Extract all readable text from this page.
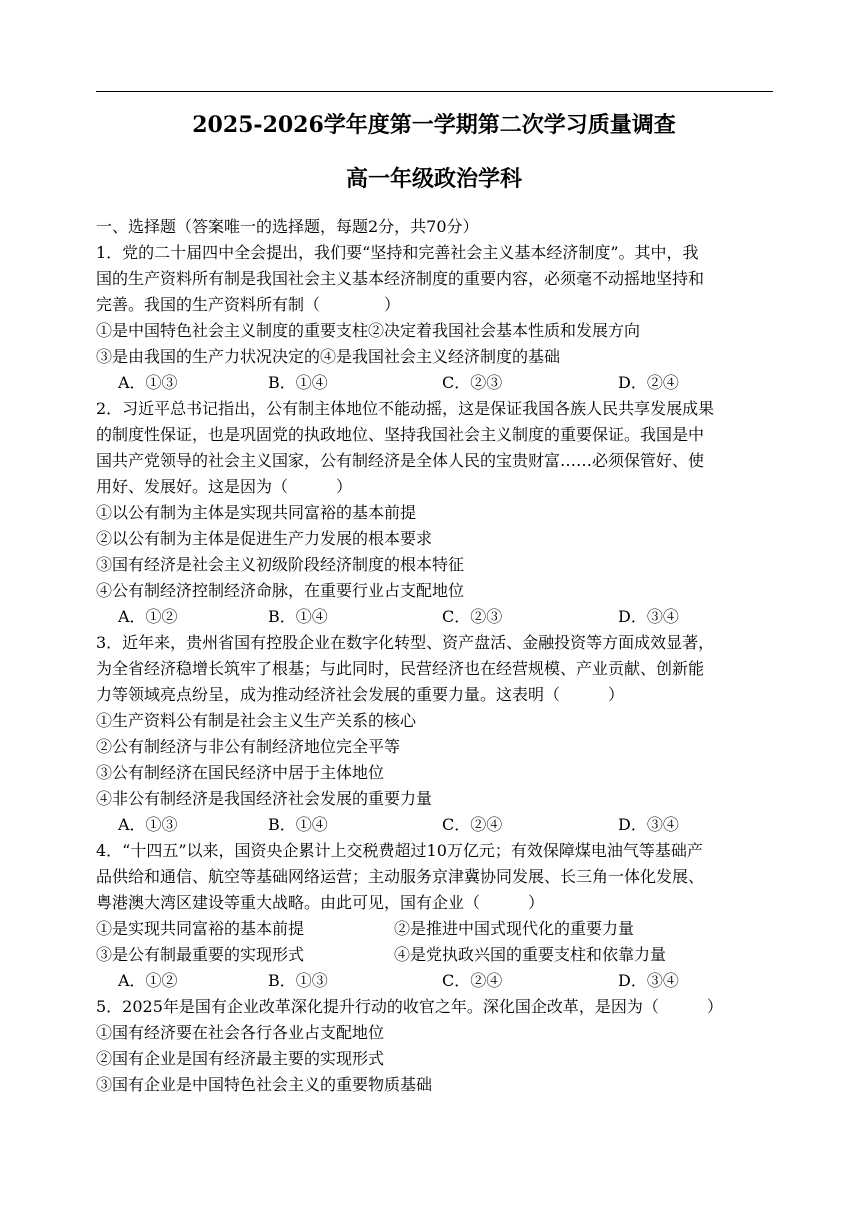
2025-2026学年度第一学期第二次学习质量调查
高一年级政治学科
一、选择题（答案唯一的选择题，每题2分，共70分）
1．党的二十届四中全会提出，我们要“坚持和完善社会主义基本经济制度”。其中，我
国的生产资料所有制是我国社会主义基本经济制度的重要内容，必须毫不动摇地坚持和
完善。我国的生产资料所有制（　　　　）
①是中国特色社会主义制度的重要支柱②决定着我国社会基本性质和发展方向
③是由我国的生产力状况决定的④是我国社会主义经济制度的基础
A．①③	B．①④	C．②③	D．②④
2．习近平总书记指出，公有制主体地位不能动摇，这是保证我国各族人民共享发展成果
的制度性保证，也是巩固党的执政地位、坚持我国社会主义制度的重要保证。我国是中
国共产党领导的社会主义国家，公有制经济是全体人民的宝贵财富……必须保管好、使
用好、发展好。这是因为（　　　）
①以公有制为主体是实现共同富裕的基本前提
②以公有制为主体是促进生产力发展的根本要求
③国有经济是社会主义初级阶段经济制度的根本特征
④公有制经济控制经济命脉，在重要行业占支配地位
A．①②	B．①④	C．②③	D．③④
3．近年来，贵州省国有控股企业在数字化转型、资产盘活、金融投资等方面成效显著，
为全省经济稳增长筑牢了根基；与此同时，民营经济也在经营规模、产业贡献、创新能
力等领域亮点纷呈，成为推动经济社会发展的重要力量。这表明（　　　）
①生产资料公有制是社会主义生产关系的核心
②公有制经济与非公有制经济地位完全平等
③公有制经济在国民经济中居于主体地位
④非公有制经济是我国经济社会发展的重要力量
A．①③	B．①④	C．②④	D．③④
4．“十四五”以来，国资央企累计上交税费超过10万亿元；有效保障煤电油气等基础产
品供给和通信、航空等基础网络运营；主动服务京津冀协同发展、长三角一体化发展、
粤港澳大湾区建设等重大战略。由此可见，国有企业（　　　）
①是实现共同富裕的基本前提	②是推进中国式现代化的重要力量
③是公有制最重要的实现形式	④是党执政兴国的重要支柱和依靠力量
A．①②	B．①③	C．②④	D．③④
5．2025年是国有企业改革深化提升行动的收官之年。深化国企改革，是因为（　　　）
①国有经济要在社会各行各业占支配地位
②国有企业是国有经济最主要的实现形式
③国有企业是中国特色社会主义的重要物质基础
